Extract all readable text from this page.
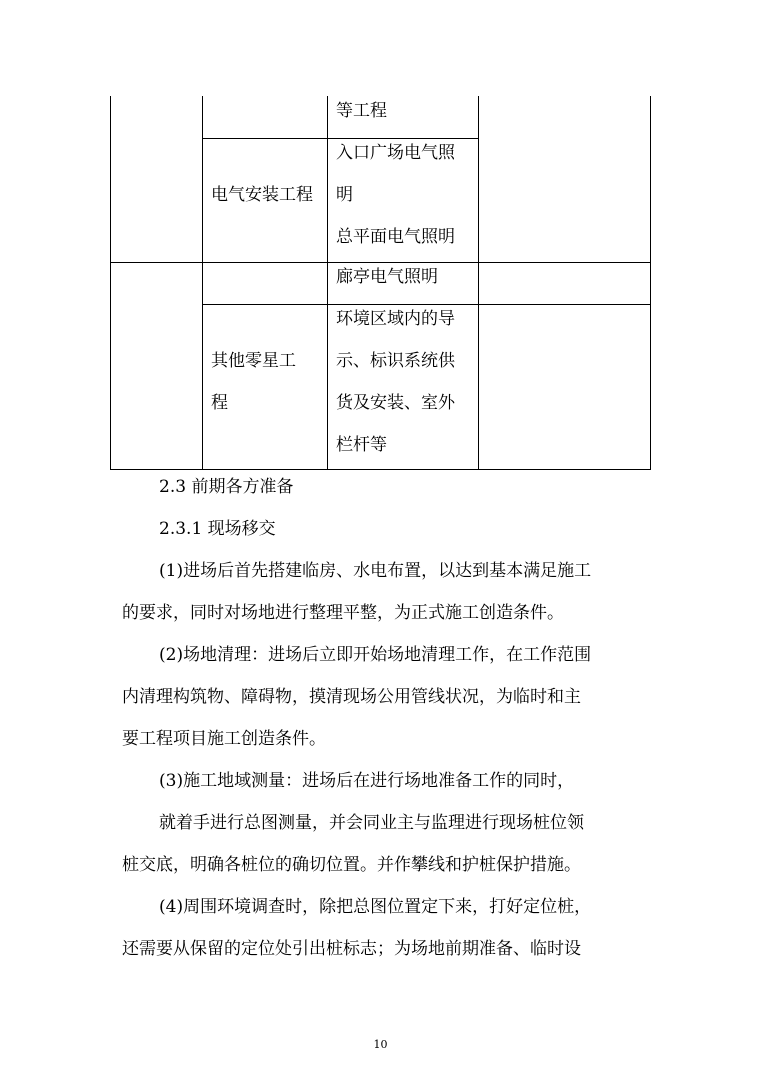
等工程
电气安装工程
入口广场电气照
明
总平面电气照明
廊亭电气照明
其他零星工
程
环境区域内的导
示、标识系统供
货及安装、室外
栏杆等
2.3 前期各方准备
2.3.1 现场移交
(1)进场后首先搭建临房、水电布置，以达到基本满足施工
的要求，同时对场地进行整理平整，为正式施工创造条件。
(2)场地清理：进场后立即开始场地清理工作，在工作范围
内清理构筑物、障碍物，摸清现场公用管线状况，为临时和主
要工程项目施工创造条件。
(3)施工地域测量：进场后在进行场地准备工作的同时，
就着手进行总图测量，并会同业主与监理进行现场桩位领
桩交底，明确各桩位的确切位置。并作攀线和护桩保护措施。
(4)周围环境调查时，除把总图位置定下来，打好定位桩，
还需要从保留的定位处引出桩标志；为场地前期准备、临时设
10
